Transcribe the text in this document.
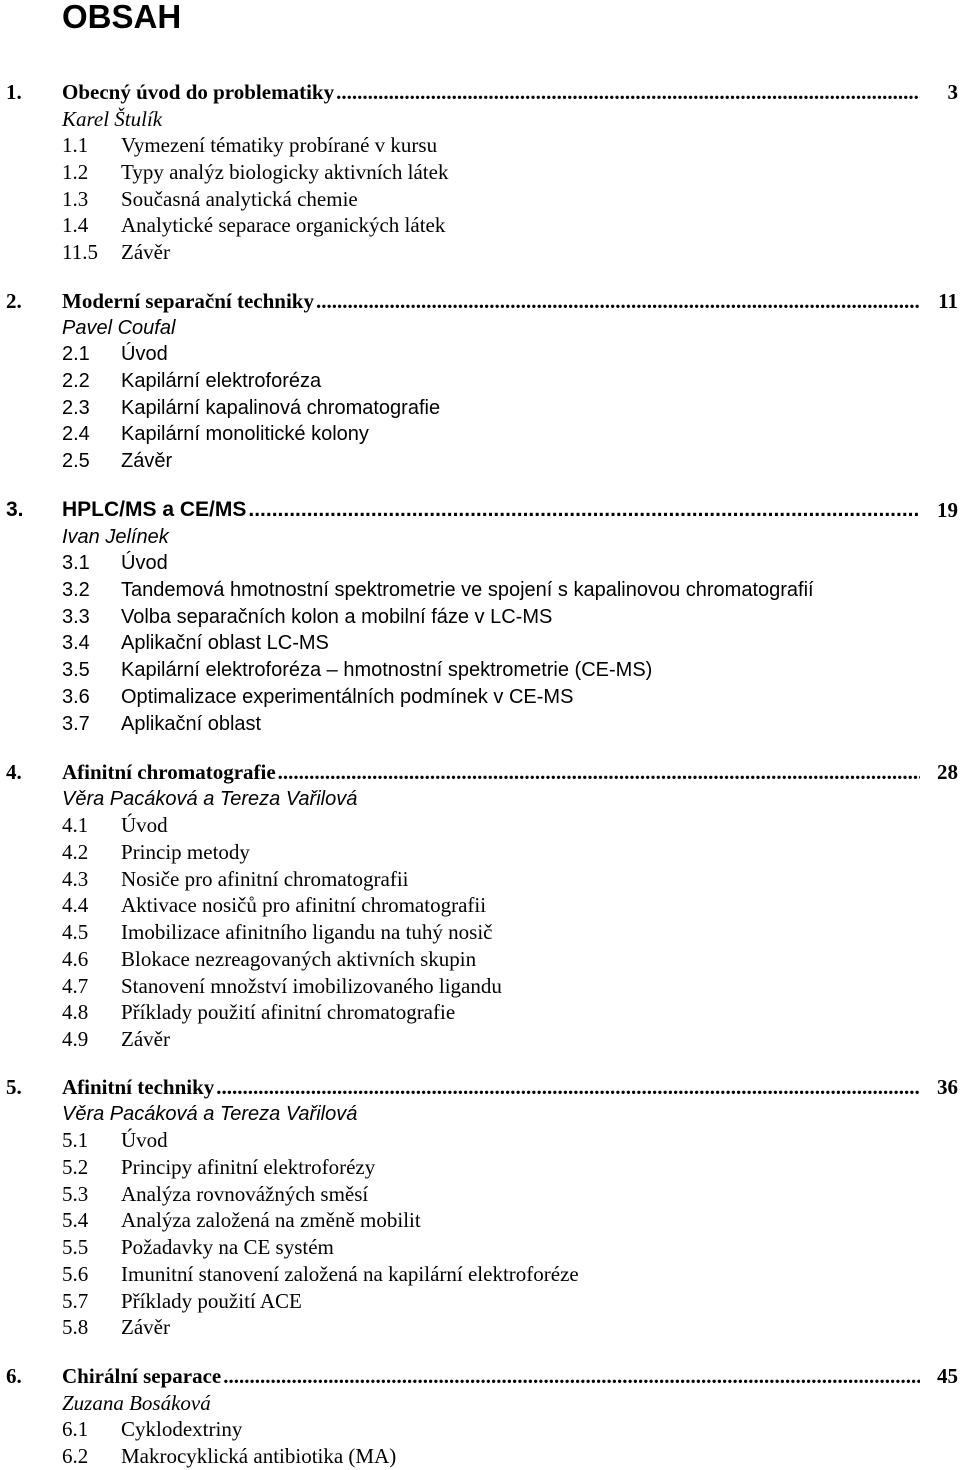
OBSAH
1. Obecný úvod do problematiky .....	3
Karel Štulík
1.1 Vymezení tématiky probírané v kursu
1.2 Typy analýz biologicky aktivních látek
1.3 Současná analytická chemie
1.4 Analytické separace organických látek
11.5 Závěr
2. Moderní separační techniky .....	11
Pavel Coufal
2.1 Úvod
2.2 Kapilární elektroforéza
2.3 Kapilární kapalinová chromatografie
2.4 Kapilární monolitické kolony
2.5 Závěr
3. HPLC/MS a CE/MS .....	19
Ivan Jelínek
3.1 Úvod
3.2 Tandemová hmotnostní spektrometrie ve spojení s kapalinovou chromatografií
3.3 Volba separačních kolon a mobilní fáze v LC-MS
3.4 Aplikační oblast LC-MS
3.5 Kapilární elektroforéza – hmotnostní spektrometrie (CE-MS)
3.6 Optimalizace experimentálních podmínek v CE-MS
3.7 Aplikační oblast
4. Afinitní chromatografie .....	28
Věra Pacáková a Tereza Vařilová
4.1 Úvod
4.2 Princip metody
4.3 Nosiče pro afinitní chromatografii
4.4 Aktivace nosičů pro afinitní chromatografii
4.5 Imobilizace afinitního ligandu na tuhý nosič
4.6 Blokace nezreagovaných aktivních skupin
4.7 Stanovení množství imobilizovaného ligandu
4.8 Příklady použití afinitní chromatografie
4.9 Závěr
5. Afinitní techniky .....	36
Věra Pacáková a Tereza Vařilová
5.1 Úvod
5.2 Principy afinitní elektroforézy
5.3 Analýza rovnovážných směsí
5.4 Analýza založená na změně mobilit
5.5 Požadavky na CE systém
5.6 Imunitní stanovení založená na kapilární elektroforéze
5.7 Příklady použití ACE
5.8 Závěr
6. Chirální separace .....	45
Zuzana Bosáková
6.1 Cyklodextriny
6.2 Makrocyklická antibiotika (MA)
